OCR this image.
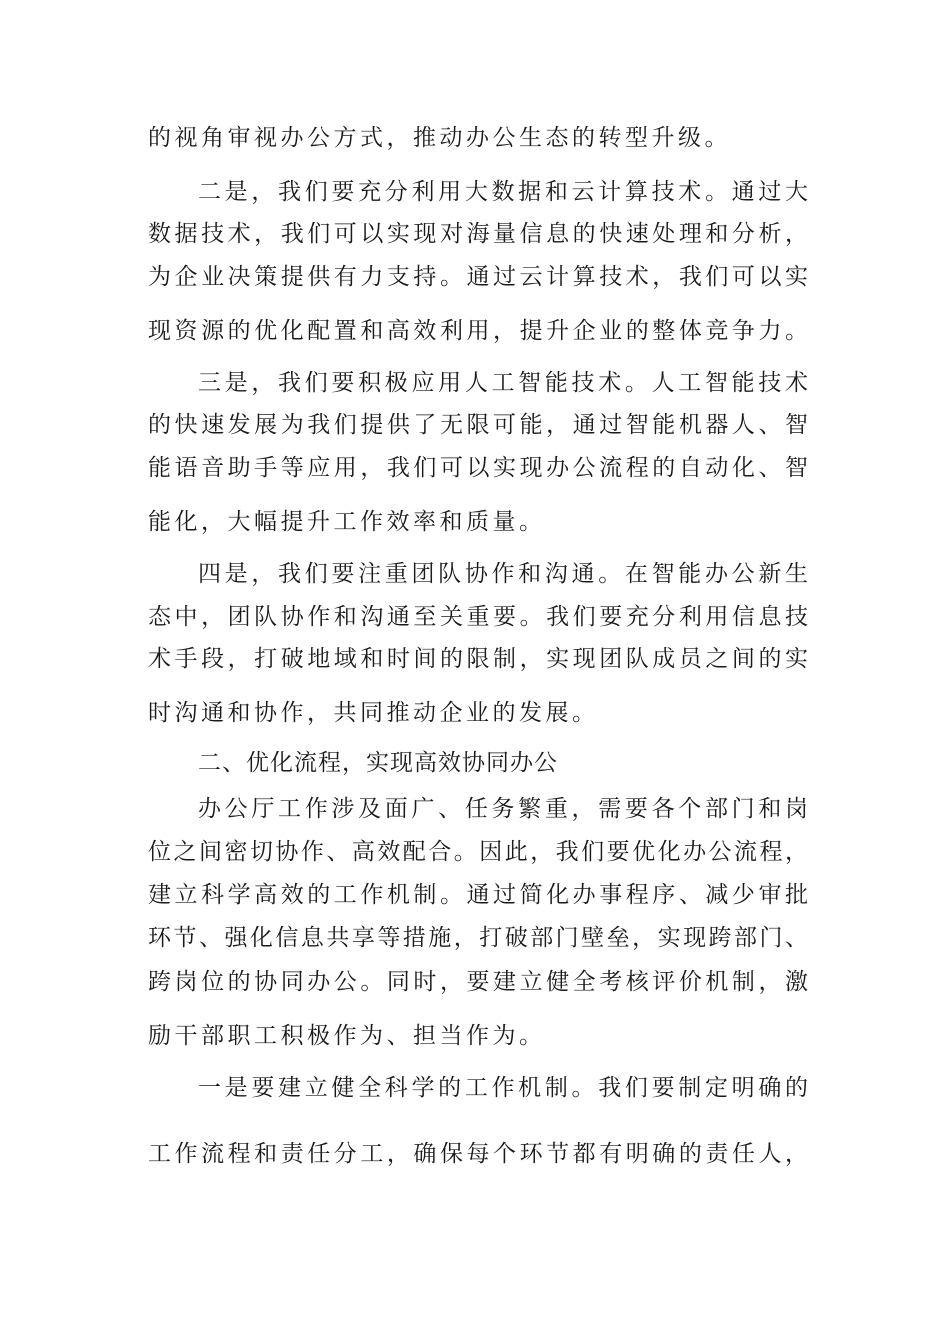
的视角审视办公方式，推动办公生态的转型升级。

二是，我们要充分利用大数据和云计算技术。通过大

数据技术，我们可以实现对海量信息的快速处理和分析，

为企业决策提供有力支持。通过云计算技术，我们可以实

现资源的优化配置和高效利用，提升企业的整体竞争力。

三是，我们要积极应用人工智能技术。人工智能技术

的快速发展为我们提供了无限可能，通过智能机器人、智

能语音助手等应用，我们可以实现办公流程的自动化、智

能化，大幅提升工作效率和质量。

四是，我们要注重团队协作和沟通。在智能办公新生

态中，团队协作和沟通至关重要。我们要充分利用信息技

术手段，打破地域和时间的限制，实现团队成员之间的实

时沟通和协作，共同推动企业的发展。

二、优化流程，实现高效协同办公

办公厅工作涉及面广、任务繁重，需要各个部门和岗

位之间密切协作、高效配合。因此，我们要优化办公流程，

建立科学高效的工作机制。通过简化办事程序、减少审批

环节、强化信息共享等措施，打破部门壁垒，实现跨部门、

跨岗位的协同办公。同时，要建立健全考核评价机制，激

励干部职工积极作为、担当作为。

一是要建立健全科学的工作机制。我们要制定明确的

工作流程和责任分工，确保每个环节都有明确的责任人，
